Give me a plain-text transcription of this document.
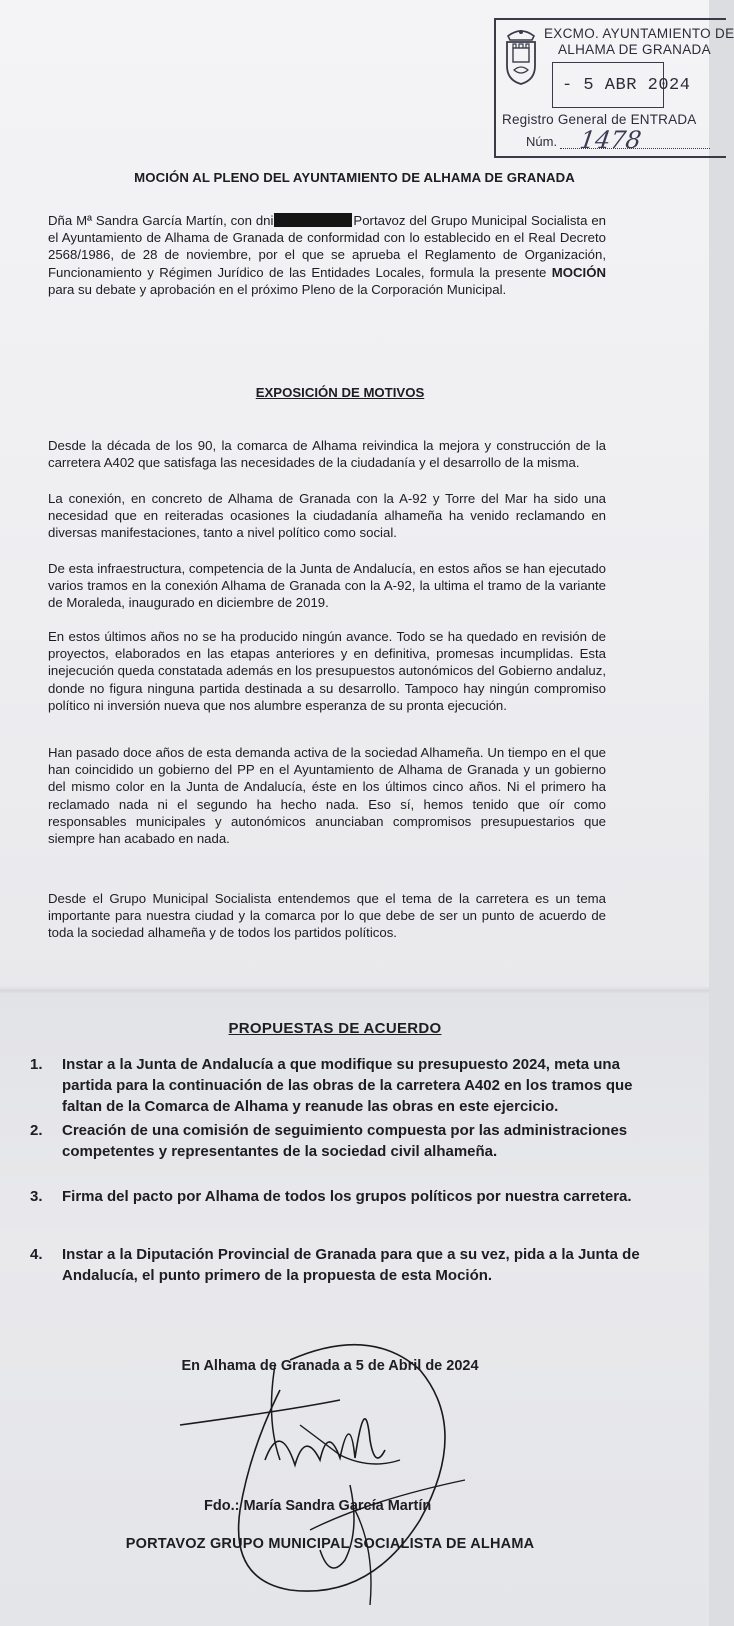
EXCMO. AYUNTAMIENTO DE
ALHAMA DE GRANADA
- 5 ABR 2024
Registro General de ENTRADA
Núm. 1478
MOCIÓN AL PLENO DEL AYUNTAMIENTO DE ALHAMA DE GRANADA
Dña Mª Sandra García Martín, con dni	Portavoz del Grupo Municipal Socialista en el Ayuntamiento de Alhama de Granada de conformidad con lo establecido en el Real Decreto 2568/1986, de 28 de noviembre, por el que se aprueba el Reglamento de Organización, Funcionamiento y Régimen Jurídico de las Entidades Locales, formula la presente MOCIÓN para su debate y aprobación en el próximo Pleno de la Corporación Municipal.
EXPOSICIÓN DE MOTIVOS
Desde la década de los 90, la comarca de Alhama reivindica la mejora y construcción de la carretera A402 que satisfaga las necesidades de la ciudadanía y el desarrollo de la misma.
La conexión, en concreto de Alhama de Granada con la A-92 y Torre del Mar ha sido una necesidad que en reiteradas ocasiones la ciudadanía alhameña ha venido reclamando en diversas manifestaciones, tanto a nivel político como social.
De esta infraestructura, competencia de la Junta de Andalucía, en estos años se han ejecutado varios tramos en la conexión Alhama de Granada con la A-92, la ultima el tramo de la variante de Moraleda, inaugurado en diciembre de 2019.
En estos últimos años no se ha producido ningún avance. Todo se ha quedado en revisión de proyectos, elaborados en las etapas anteriores y en definitiva, promesas incumplidas. Esta inejecución queda constatada además en los presupuestos autonómicos del Gobierno andaluz, donde no figura ninguna partida destinada a su desarrollo. Tampoco hay ningún compromiso político ni inversión nueva que nos alumbre esperanza de su pronta ejecución.
Han pasado doce años de esta demanda activa de la sociedad Alhameña. Un tiempo en el que han coincidido un gobierno del PP en el Ayuntamiento de Alhama de Granada y un gobierno del mismo color en la Junta de Andalucía, éste en los últimos cinco años. Ni el primero ha reclamado nada ni el segundo ha hecho nada. Eso sí, hemos tenido que oír como responsables municipales y autonómicos anunciaban compromisos presupuestarios que siempre han acabado en nada.
Desde el Grupo Municipal Socialista entendemos que el tema de la carretera es un tema importante para nuestra ciudad y la comarca por lo que debe de ser un punto de acuerdo de toda la sociedad alhameña y de todos los partidos políticos.
PROPUESTAS DE ACUERDO
1.	Instar a la Junta de Andalucía a que modifique su presupuesto 2024, meta una partida para la continuación de las obras de la carretera A402 en los tramos que faltan de la Comarca de Alhama y reanude las obras en este ejercicio.
2.	Creación de una comisión de seguimiento compuesta por las administraciones competentes y representantes de la sociedad civil alhameña.
3.	Firma del pacto por Alhama de todos los grupos políticos por nuestra carretera.
4.	Instar a la Diputación Provincial de Granada para que a su vez, pida a la Junta de Andalucía, el punto primero de la propuesta de esta Moción.
En Alhama de Granada a 5 de Abril de 2024
Fdo.: María Sandra García Martín
PORTAVOZ GRUPO MUNICIPAL SOCIALISTA DE ALHAMA
